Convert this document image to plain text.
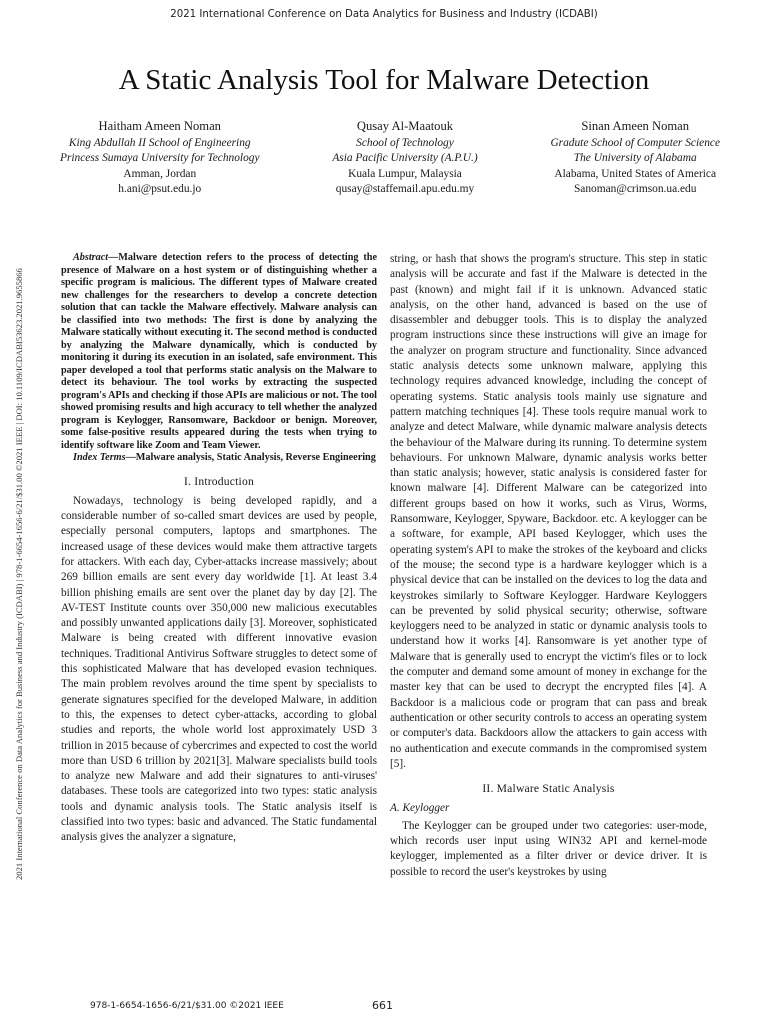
2021 International Conference on Data Analytics for Business and Industry (ICDABI)
A Static Analysis Tool for Malware Detection
Haitham Ameen Noman
King Abdullah II School of Engineering
Princess Sumaya University for Technology
Amman, Jordan
h.ani@psut.edu.jo
Qusay Al-Maatouk
School of Technology
Asia Pacific University (A.P.U.)
Kuala Lumpur, Malaysia
qusay@staffemail.apu.edu.my
Sinan Ameen Noman
Gradute School of Computer Science
The University of Alabama
Alabama, United States of America
Sanoman@crimson.ua.edu
2021 International Conference on Data Analytics for Business and Industry (ICDABI) | 978-1-6654-1656-6/21/$31.00 ©2021 IEEE | DOI: 10.1109/ICDABI53623.2021.9655866

Abstract—Malware detection refers to the process of detecting the presence of Malware on a host system or of distinguishing whether a specific program is malicious. The different types of Malware created new challenges for the researchers to develop a concrete detection solution that can tackle the Malware effectively. Malware analysis can be classified into two methods: The first is done by analyzing the Malware statically without executing it. The second method is conducted by analyzing the Malware dynamically, which is conducted by monitoring it during its execution in an isolated, safe environment. This paper developed a tool that performs static analysis on the Malware to detect its behaviour. The tool works by extracting the suspected program's APIs and checking if those APIs are malicious or not. The tool showed promising results and high accuracy to tell whether the analyzed program is Keylogger, Ransomware, Backdoor or benign. Moreover, some false-positive results appeared during the tests when trying to identify software like Zoom and Team Viewer.

Index Terms—Malware analysis, Static Analysis, Reverse Engineering

I. Introduction

Nowadays, technology is being developed rapidly, and a considerable number of so-called smart devices are used by people, especially personal computers, laptops and smartphones. The increased usage of these devices would make them attractive targets for attackers. With each day, Cyber-attacks increase massively; about 269 billion emails are sent every day worldwide [1]. At least 3.4 billion phishing emails are sent over the planet day by day [2]. The AV-TEST Institute counts over 350,000 new malicious executables and possibly unwanted applications daily [3]. Moreover, sophisticated Malware is being created with different innovative evasion techniques. Traditional Antivirus Software struggles to detect some of this sophisticated Malware that has developed evasion techniques. The main problem revolves around the time spent by specialists to generate signatures specified for the developed Malware, in addition to this, the expenses to detect cyber-attacks, according to global studies and reports, the whole world lost approximately USD 3 trillion in 2015 because of cybercrimes and expected to cost the world more than USD 6 trillion by 2021[3]. Malware specialists build tools to analyze new Malware and add their signatures to anti-viruses' databases. These tools are categorized into two types: static analysis tools and dynamic analysis tools. The Static analysis itself is classified into two types: basic and advanced. The Static fundamental analysis gives the analyzer a signature,

string, or hash that shows the program's structure. This step in static analysis will be accurate and fast if the Malware is detected in the past (known) and might fail if it is unknown. Advanced static analysis, on the other hand, advanced is based on the use of disassembler and debugger tools. This is to display the analyzed program instructions since these instructions will give an image for the analyzer on program structure and functionality. Since advanced static analysis detects some unknown malware, applying this technology requires advanced knowledge, including the concept of operating systems. Static analysis tools mainly use signature and pattern matching techniques [4]. These tools require manual work to analyze and detect Malware, while dynamic malware analysis detects the behaviour of the Malware during its running. To determine system behaviours. For unknown Malware, dynamic analysis works better than static analysis; however, static analysis is considered faster for known malware [4]. Different Malware can be categorized into different groups based on how it works, such as Virus, Worms, Ransomware, Keylogger, Spyware, Backdoor. etc. A keylogger can be a software, for example, API based Keylogger, which uses the operating system's API to make the strokes of the keyboard and clicks of the mouse; the second type is a hardware keylogger which is a physical device that can be installed on the devices to log the data and keystrokes similarly to Software Keylogger. Hardware Keyloggers can be prevented by solid physical security; otherwise, software keyloggers need to be analyzed in static or dynamic analysis tools to understand how it works [4]. Ransomware is yet another type of Malware that is generally used to encrypt the victim's files or to lock the computer and demand some amount of money in exchange for the master key that can be used to decrypt the encrypted files [4]. A Backdoor is a malicious code or program that can pass and break authentication or other security controls to access an operating system or computer's data. Backdoors allow the attackers to gain access with no authentication and execute commands in the compromised system [5].

II. Malware Static Analysis

A. Keylogger

The Keylogger can be grouped under two categories: user-mode, which records user input using WIN32 API and kernel-mode keylogger, implemented as a filter driver or device driver. It is possible to record the user's keystrokes by using

978-1-6654-1656-6/21/$31.00 ©2021 IEEE	661
